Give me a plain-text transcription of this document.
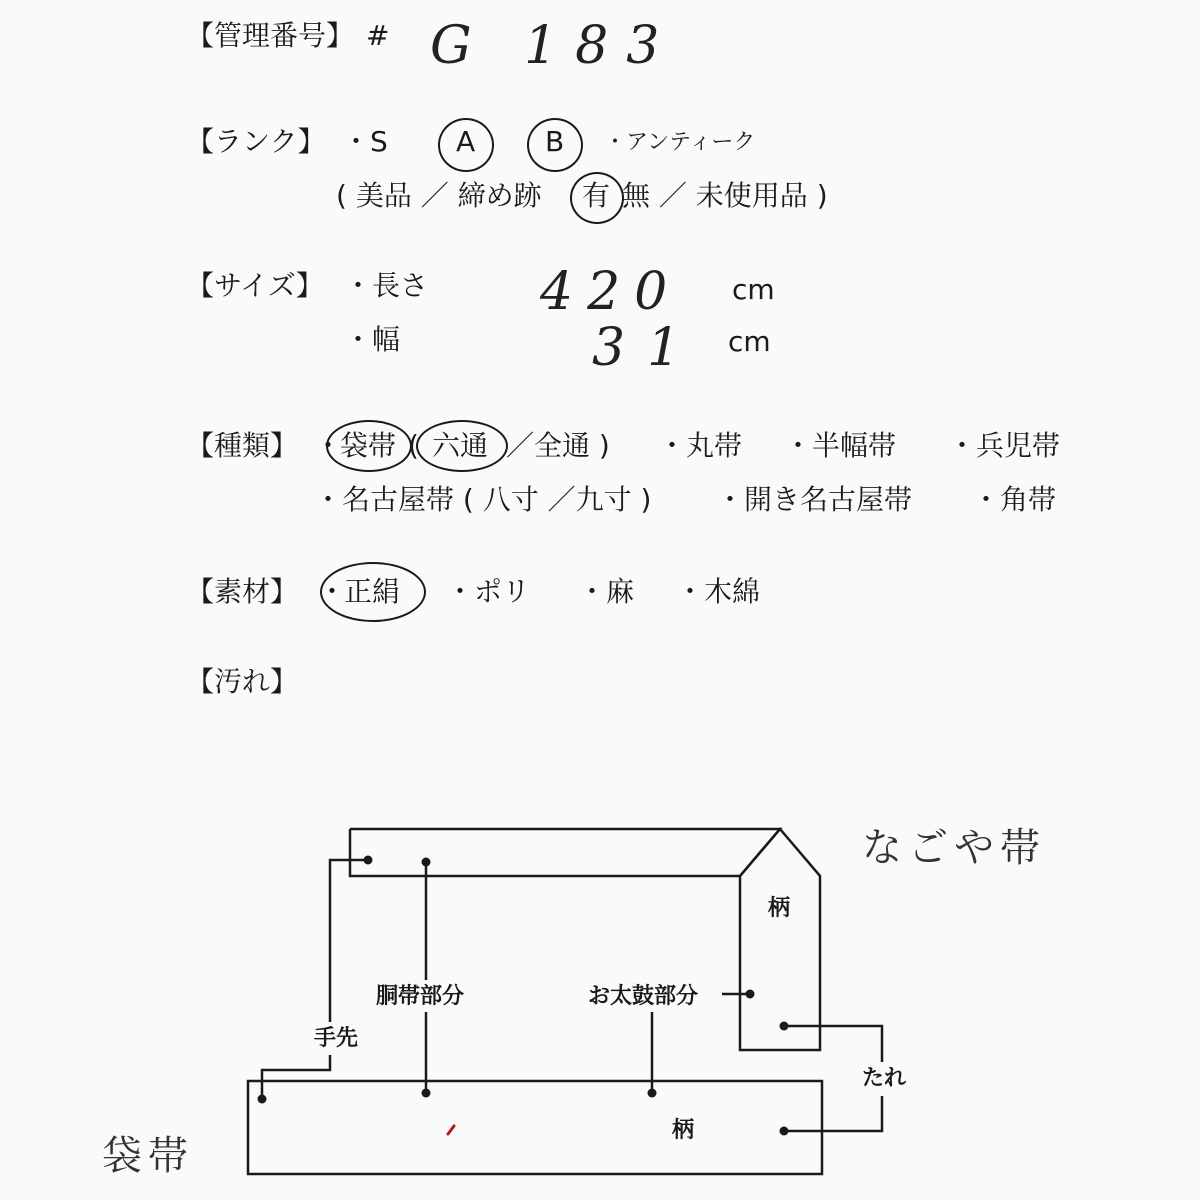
【管理番号】 # G 183
【ランク】 ・S A B ・アンティーク
( 美品 ／ 締め跡 有 無 ／ 未使用品 )
【サイズ】 ・長さ 420 cm
・幅	31 cm
【種類】 ・
袋帯 ( 六通 ／全通 ) ・丸帯 ・半幅帯 ・兵児帯
・名古屋帯 ( 八寸 ／九寸 ) ・開き名古屋帯 ・角帯
【素材】 ・
正絹 ・ポリ ・麻 ・木綿
【汚れ】
なごや帯
袋帯
柄
柄
胴帯部分	お太鼓部分
手先
たれ
